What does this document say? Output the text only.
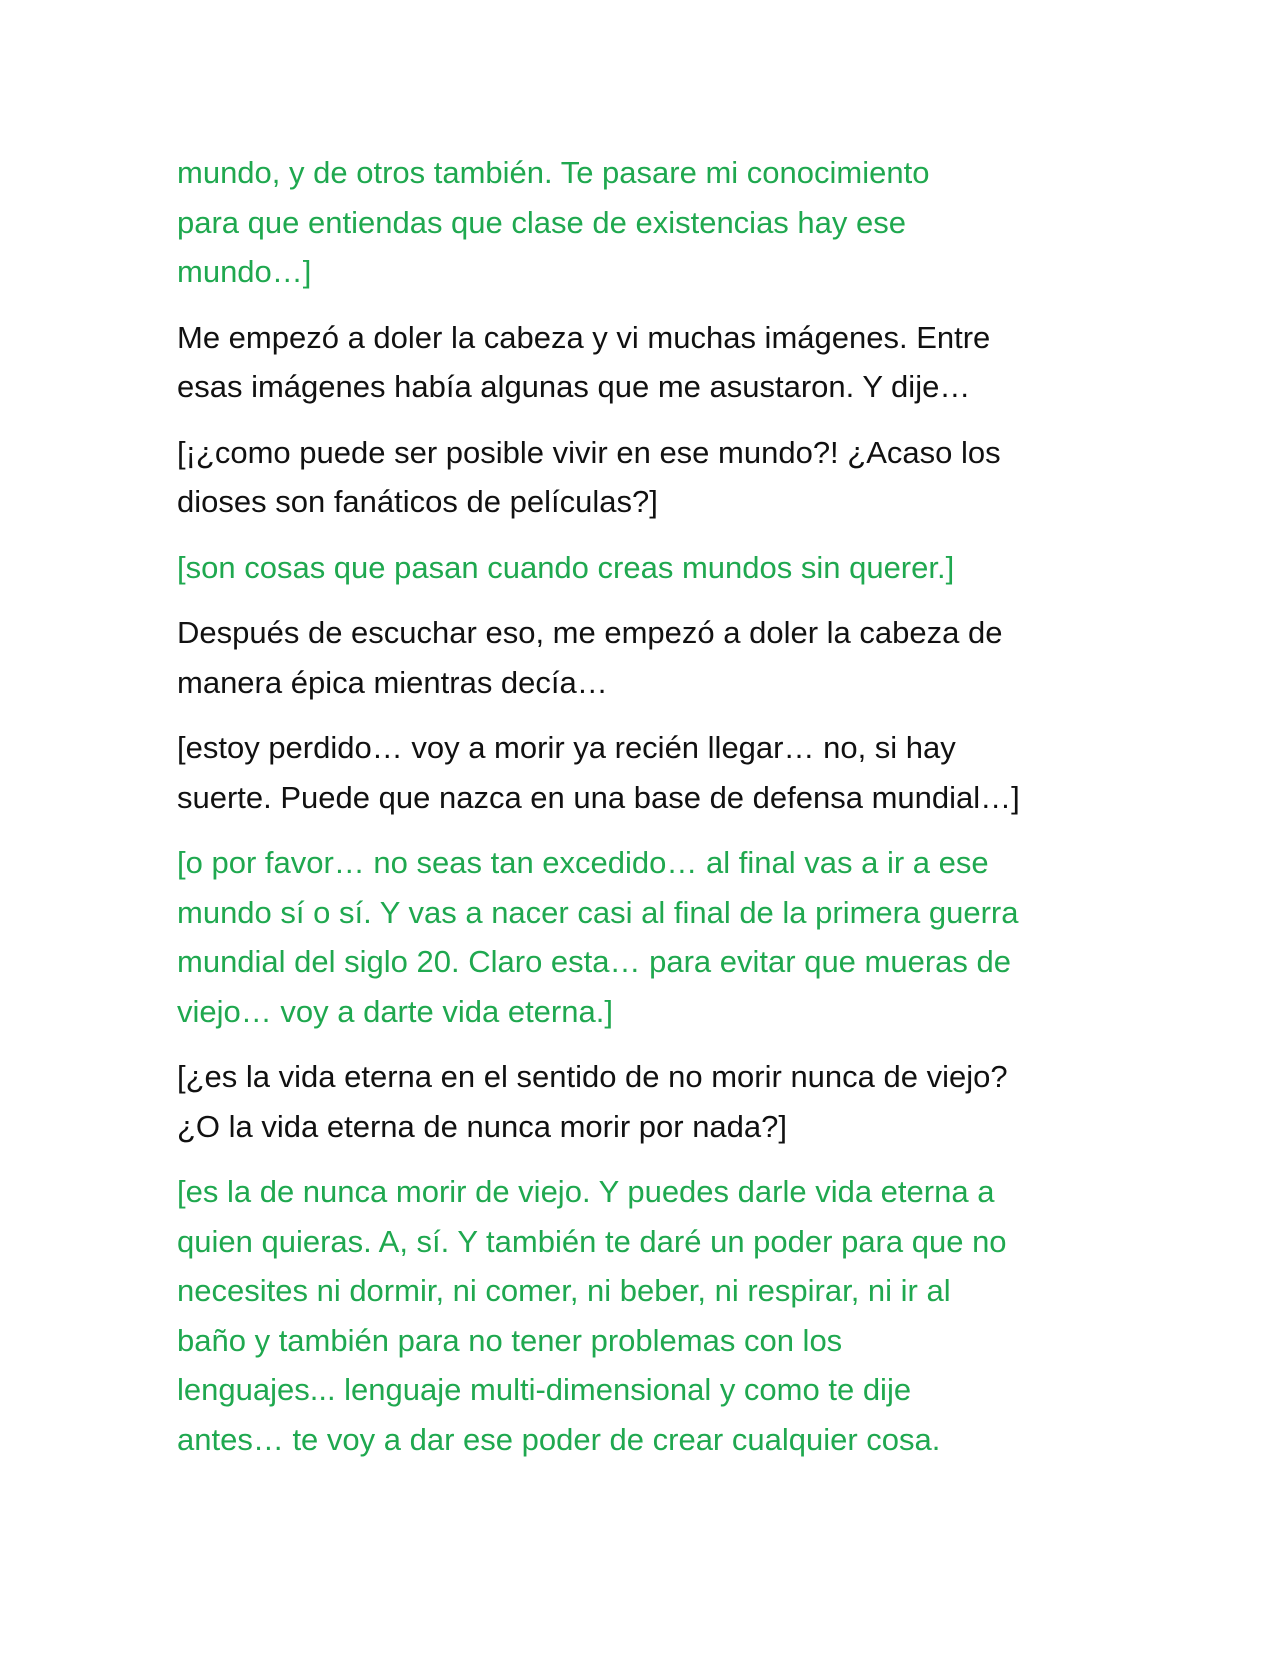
mundo, y de otros también. Te pasare mi conocimiento
para que entiendas que clase de existencias hay ese
mundo…]

Me empezó a doler la cabeza y vi muchas imágenes. Entre
esas imágenes había algunas que me asustaron. Y dije…

[¡¿como puede ser posible vivir en ese mundo?! ¿Acaso los
dioses son fanáticos de películas?]

[son cosas que pasan cuando creas mundos sin querer.]

Después de escuchar eso, me empezó a doler la cabeza de
manera épica mientras decía…

[estoy perdido… voy a morir ya recién llegar… no, si hay
suerte. Puede que nazca en una base de defensa mundial…]

[o por favor… no seas tan excedido… al final vas a ir a ese
mundo sí o sí. Y vas a nacer casi al final de la primera guerra
mundial del siglo 20. Claro esta… para evitar que mueras de
viejo… voy a darte vida eterna.]

[¿es la vida eterna en el sentido de no morir nunca de viejo?
¿O la vida eterna de nunca morir por nada?]

[es la de nunca morir de viejo. Y puedes darle vida eterna a
quien quieras. A, sí. Y también te daré un poder para que no
necesites ni dormir, ni comer, ni beber, ni respirar, ni ir al
baño y también para no tener problemas con los
lenguajes... lenguaje multi-dimensional y como te dije
antes… te voy a dar ese poder de crear cualquier cosa.
